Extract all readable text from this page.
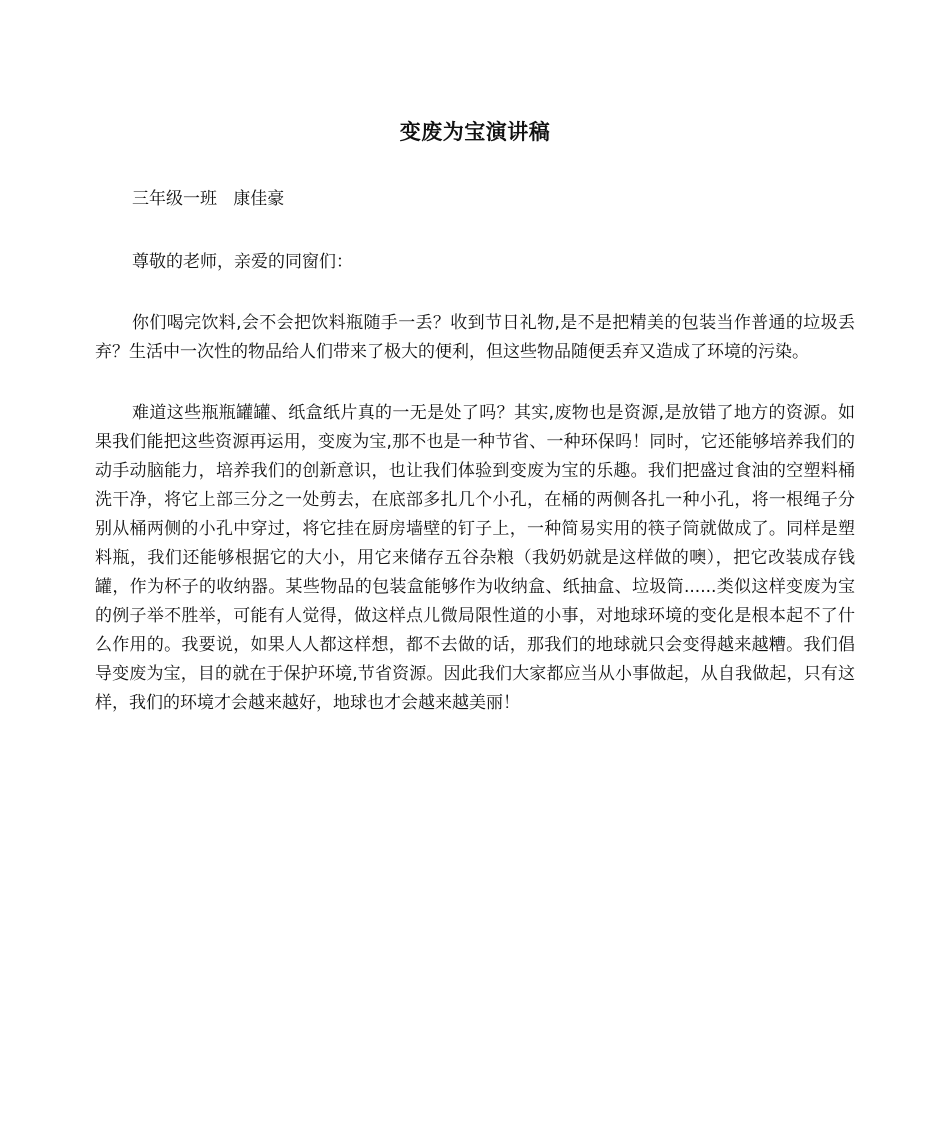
变废为宝演讲稿

三年级一班   康佳豪

尊敬的老师，亲爱的同窗们：

你们喝完饮料,会不会把饮料瓶随手一丢？收到节日礼物,是不是把精美的包装当作普通的垃圾丢弃？生活中一次性的物品给人们带来了极大的便利，但这些物品随便丢弃又造成了环境的污染。

难道这些瓶瓶罐罐、纸盒纸片真的一无是处了吗？其实,废物也是资源,是放错了地方的资源。如果我们能把这些资源再运用，变废为宝,那不也是一种节省、一种环保吗！同时，它还能够培养我们的动手动脑能力，培养我们的创新意识，也让我们体验到变废为宝的乐趣。我们把盛过食油的空塑料桶洗干净，将它上部三分之一处剪去，在底部多扎几个小孔，在桶的两侧各扎一种小孔，将一根绳子分别从桶两侧的小孔中穿过，将它挂在厨房墙壁的钉子上，一种简易实用的筷子筒就做成了。同样是塑料瓶，我们还能够根据它的大小，用它来储存五谷杂粮（我奶奶就是这样做的噢），把它改装成存钱罐，作为杯子的收纳器。某些物品的包装盒能够作为收纳盒、纸抽盒、垃圾筒......类似这样变废为宝的例子举不胜举，可能有人觉得，做这样点儿微局限性道的小事，对地球环境的变化是根本起不了什么作用的。我要说，如果人人都这样想，都不去做的话，那我们的地球就只会变得越来越糟。我们倡导变废为宝，目的就在于保护环境,节省资源。因此我们大家都应当从小事做起，从自我做起，只有这样，我们的环境才会越来越好，地球也才会越来越美丽！
